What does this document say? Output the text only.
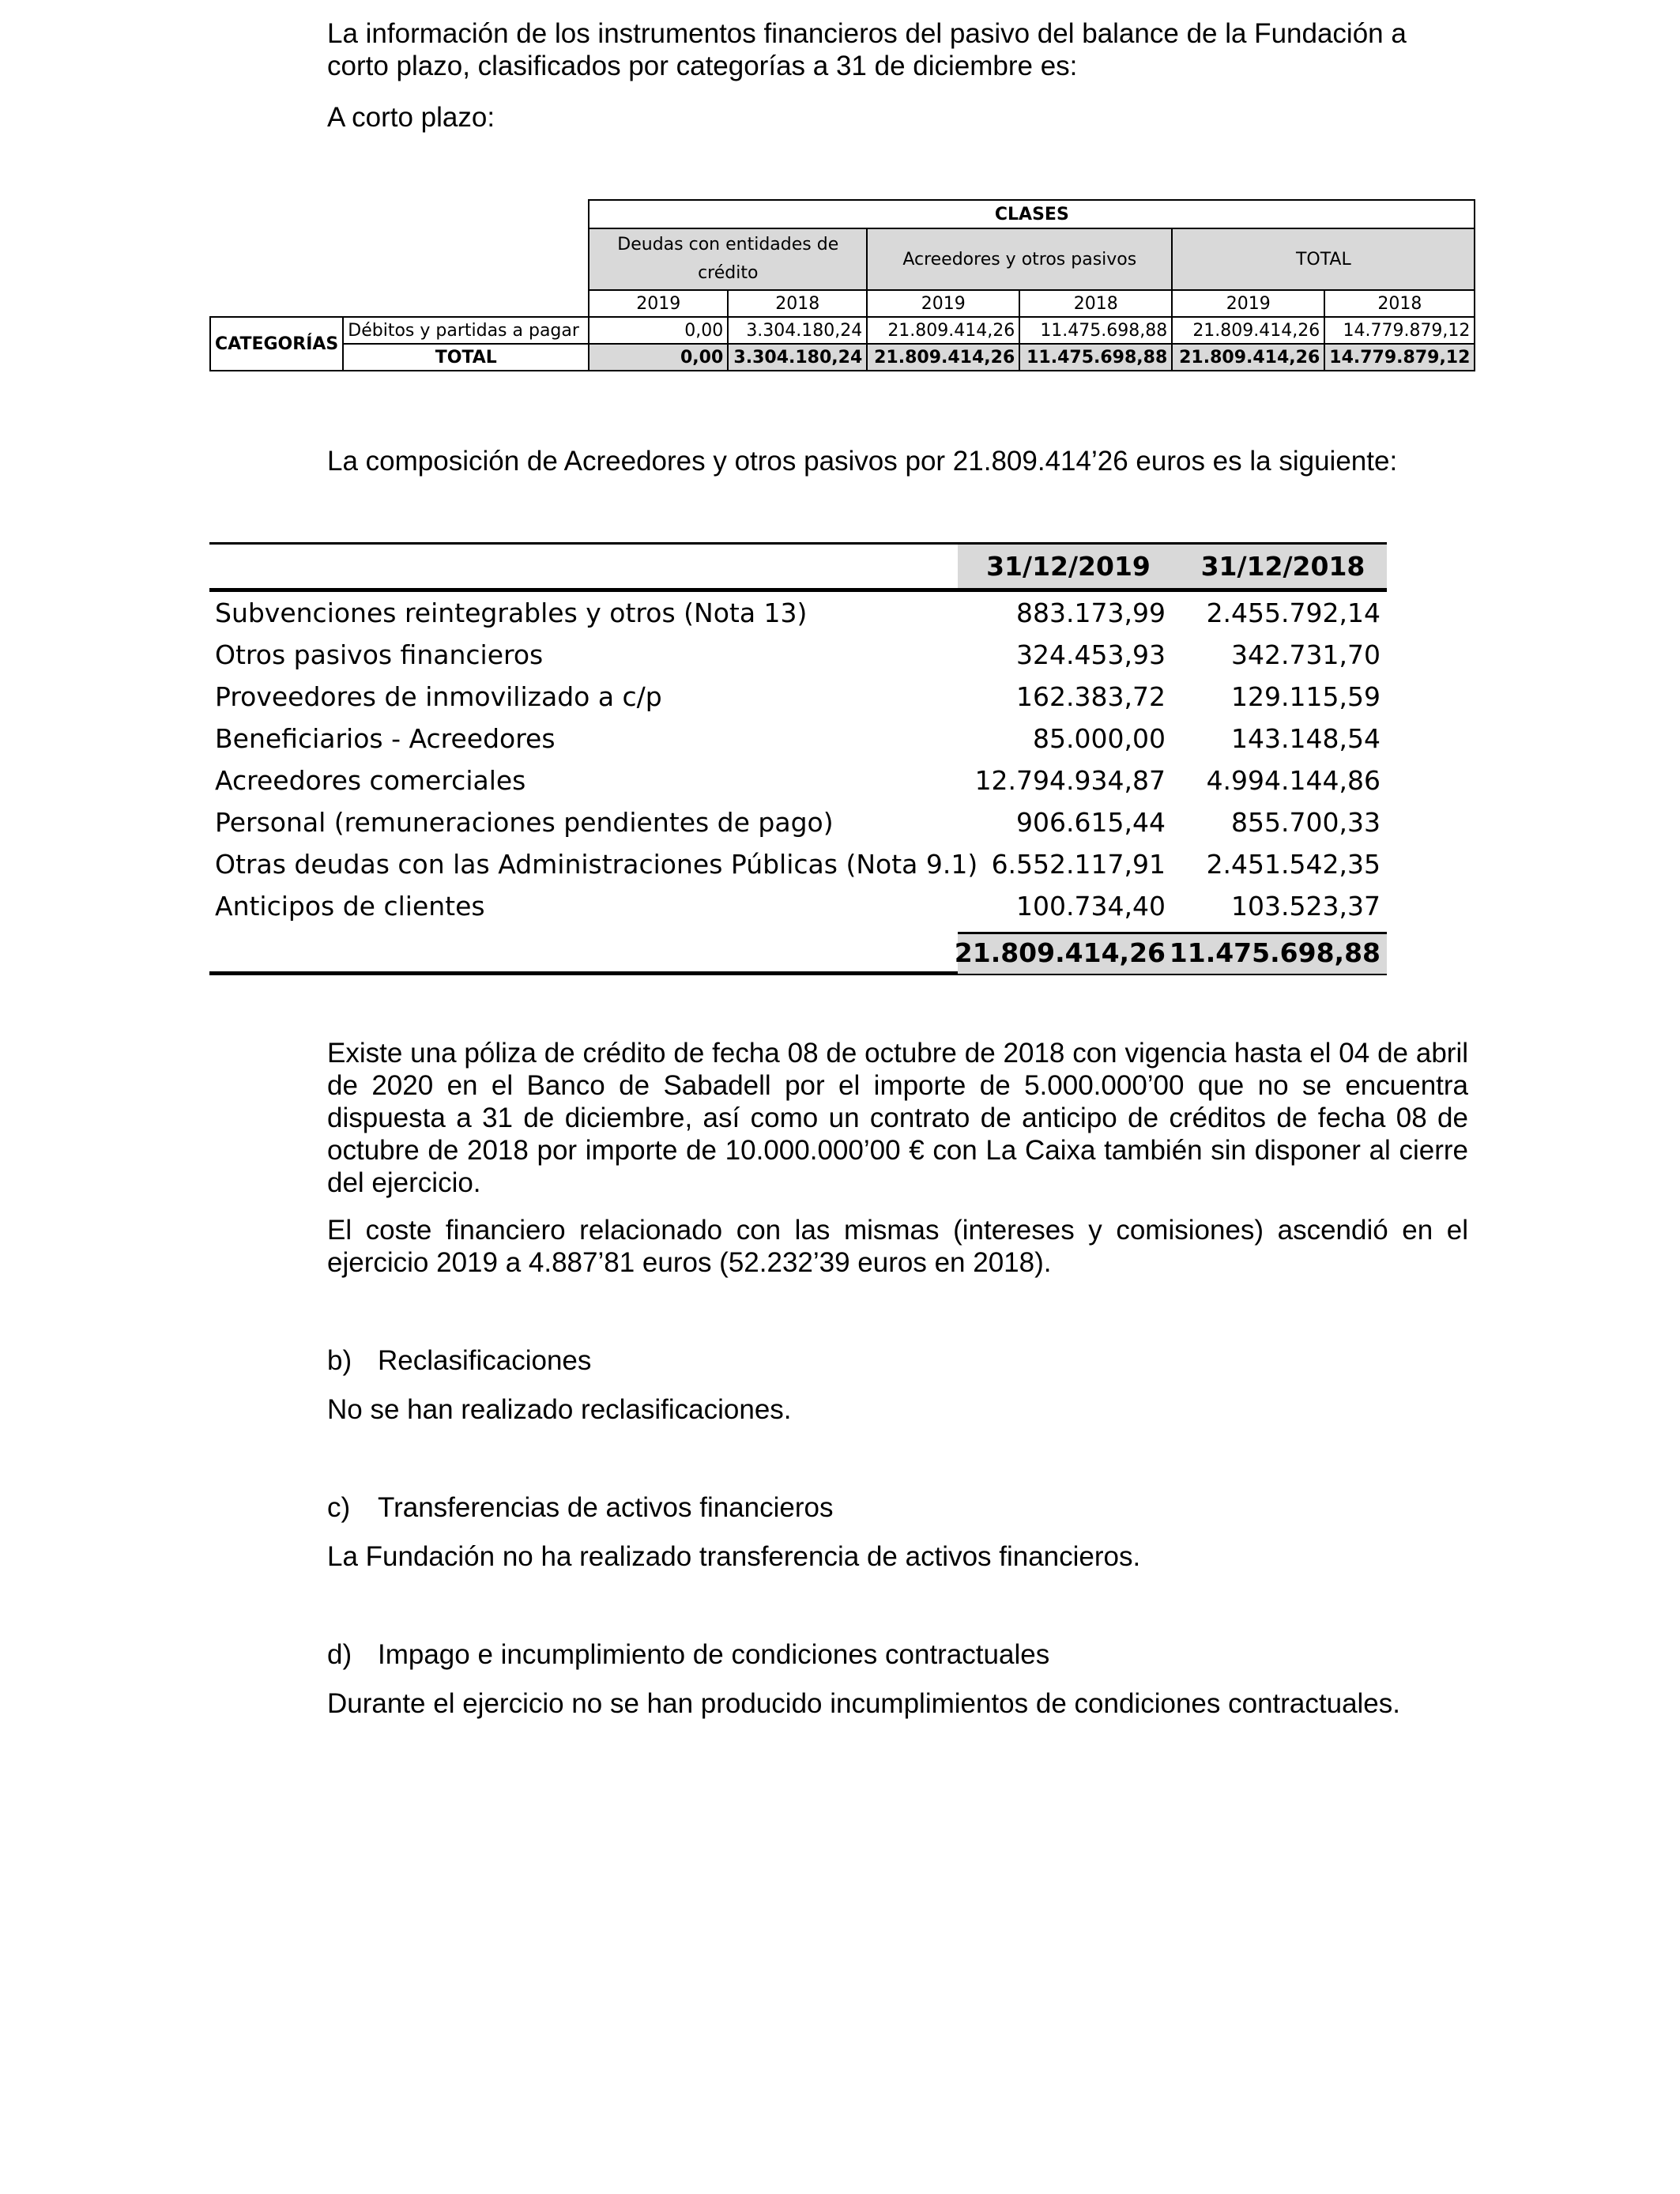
La información de los instrumentos financieros del pasivo del balance de la Fundación a corto plazo, clasificados por categorías a 31 de diciembre es:

A corto plazo:

		CLASES					
		Deudas con entidades de crédito		Acreedores y otros pasivos		TOTAL	
		2019	2018	2019	2018	2019	2018
CATEGORÍAS	Débitos y partidas a pagar	0,00	3.304.180,24	21.809.414,26	11.475.698,88	21.809.414,26	14.779.879,12
	TOTAL	0,00	3.304.180,24	21.809.414,26	11.475.698,88	21.809.414,26	14.779.879,12

La composición de Acreedores y otros pasivos por 21.809.414’26 euros es la siguiente:

31/12/2019	31/12/2018
Subvenciones reintegrables y otros (Nota 13)	883.173,99 2.455.792,14
Otros pasivos financieros	324.453,93	342.731,70
Proveedores de inmovilizado a c/p	162.383,72	129.115,59
Beneficiarios - Acreedores	85.000,00	143.148,54
Acreedores comerciales	12.794.934,87 4.994.144,86
Personal (remuneraciones pendientes de pago)	906.615,44	855.700,33
Otras deudas con las Administraciones Públicas (Nota 9.1) 6.552.117,91 2.451.542,35
Anticipos de clientes	100.734,40	103.523,37
21.809.414,26 11.475.698,88

Existe una póliza de crédito de fecha 08 de octubre de 2018 con vigencia hasta el 04 de abril de 2020 en el Banco de Sabadell por el importe de 5.000.000’00 que no se encuentra dispuesta a 31 de diciembre, así como un contrato de anticipo de créditos de fecha 08 de octubre de 2018 por importe de 10.000.000’00 € con La Caixa también sin disponer al cierre del ejercicio.

El coste financiero relacionado con las mismas (intereses y comisiones) ascendió en el ejercicio 2019 a 4.887’81 euros (52.232’39 euros en 2018).

b) Reclasificaciones

No se han realizado reclasificaciones.

c) Transferencias de activos financieros

La Fundación no ha realizado transferencia de activos financieros.

d) Impago e incumplimiento de condiciones contractuales

Durante el ejercicio no se han producido incumplimientos de condiciones contractuales.
